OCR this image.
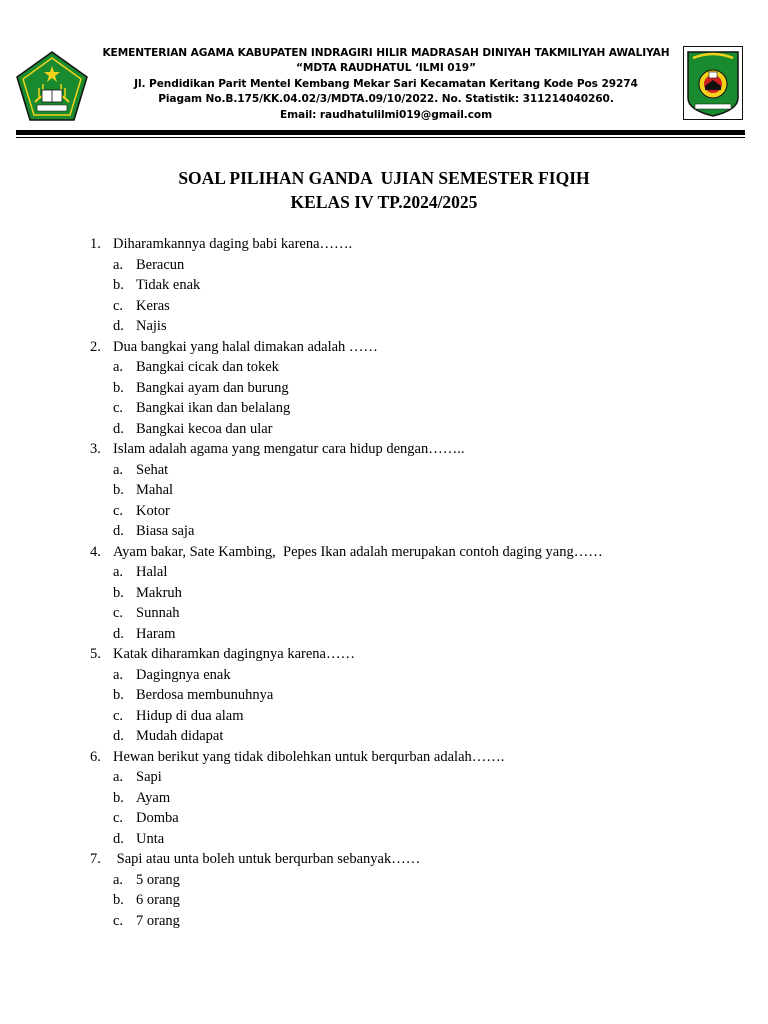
KEMENTERIAN AGAMA KABUPATEN INDRAGIRI HILIR MADRASAH DINIYAH TAKMILIYAH AWALIYAH
“MDTA RAUDHATUL ‘ILMI 019”
Jl. Pendidikan Parit Mentel Kembang Mekar Sari Kecamatan Keritang Kode Pos 29274
Piagam No.B.175/KK.04.02/3/MDTA.09/10/2022. No. Statistik: 311214040260.
Email: raudhatulilmi019@gmail.com
SOAL PILIHAN GANDA  UJIAN SEMESTER FIQIH
KELAS IV TP.2024/2025
1. Diharamkannya daging babi karena…….
a. Beracun
b. Tidak enak
c. Keras
d. Najis
2. Dua bangkai yang halal dimakan adalah ……
a. Bangkai cicak dan tokek
b. Bangkai ayam dan burung
c. Bangkai ikan dan belalang
d. Bangkai kecoa dan ular
3. Islam adalah agama yang mengatur cara hidup dengan……..
a. Sehat
b. Mahal
c. Kotor
d. Biasa saja
4. Ayam bakar, Sate Kambing,  Pepes Ikan adalah merupakan contoh daging yang……
a. Halal
b. Makruh
c. Sunnah
d. Haram
5. Katak diharamkan dagingnya karena……
a. Dagingnya enak
b. Berdosa membunuhnya
c. Hidup di dua alam
d. Mudah didapat
6. Hewan berikut yang tidak dibolehkan untuk berqurban adalah…….
a. Sapi
b. Ayam
c. Domba
d. Unta
7. Sapi atau unta boleh untuk berqurban sebanyak……
a. 5 orang
b. 6 orang
c. 7 orang
